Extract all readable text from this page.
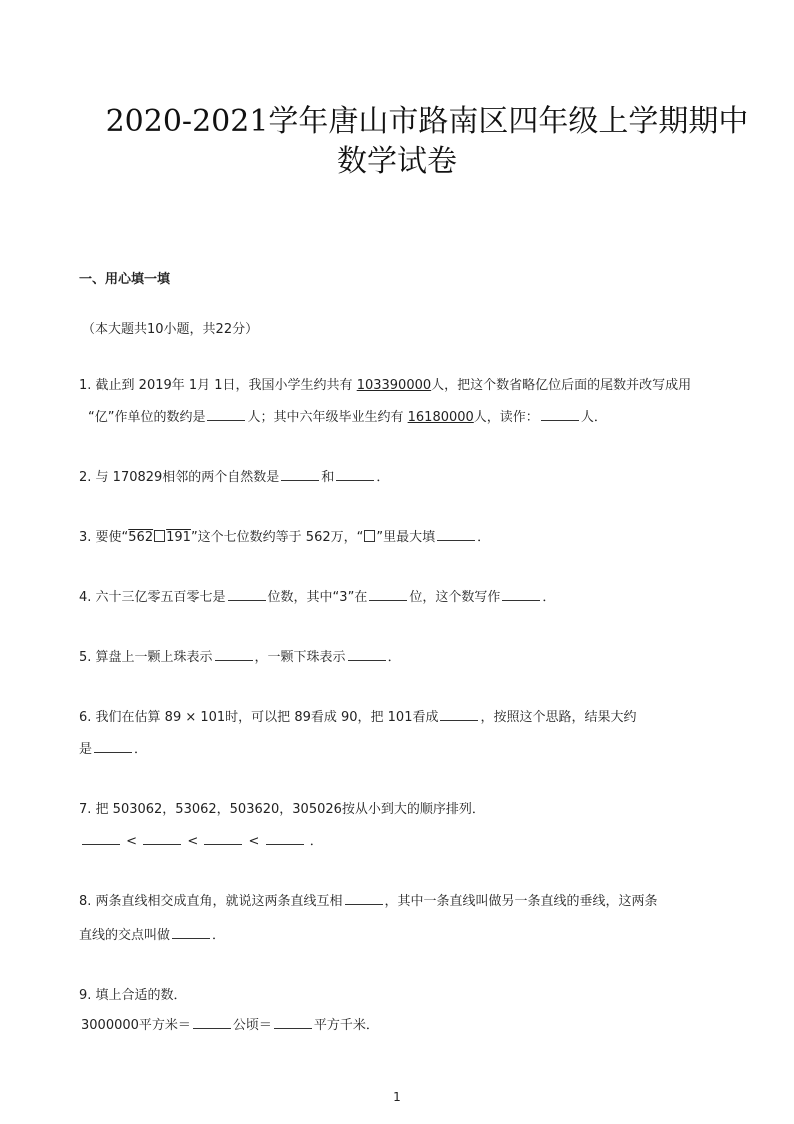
2020-2021学年唐山市路南区四年级上学期期中
数学试卷
一、用心填一填
（本大题共10小题，共22分）
1. 截止到 2019年 1月 1日，我国小学生约共有 103390000人，把这个数省略亿位后面的尾数并改写成用
“亿”作单位的数约是	人；其中六年级毕业生约有 16180000人，读作：	人．
2. 与 170829相邻的两个自然数是	和	．
3. 要使“562 191”这个七位数约等于 562万，“ ”里最大填	．
4. 六十三亿零五百零七是	位数，其中“3”在	位，这个数写作	．
5. 算盘上一颗上珠表示	，一颗下珠表示	．
6. 我们在估算 89 × 101时，可以把 89看成 90，把 101看成	，按照这个思路，结果大约
是	．
7. 把 503062，53062，503620，305026按从小到大的顺序排列．
<	<	<	．
8. 两条直线相交成直角，就说这两条直线互相	，其中一条直线叫做另一条直线的垂线，这两条
直线的交点叫做	．
9. 填上合适的数．
3000000平方米＝	公顷＝	平方千米．
1
